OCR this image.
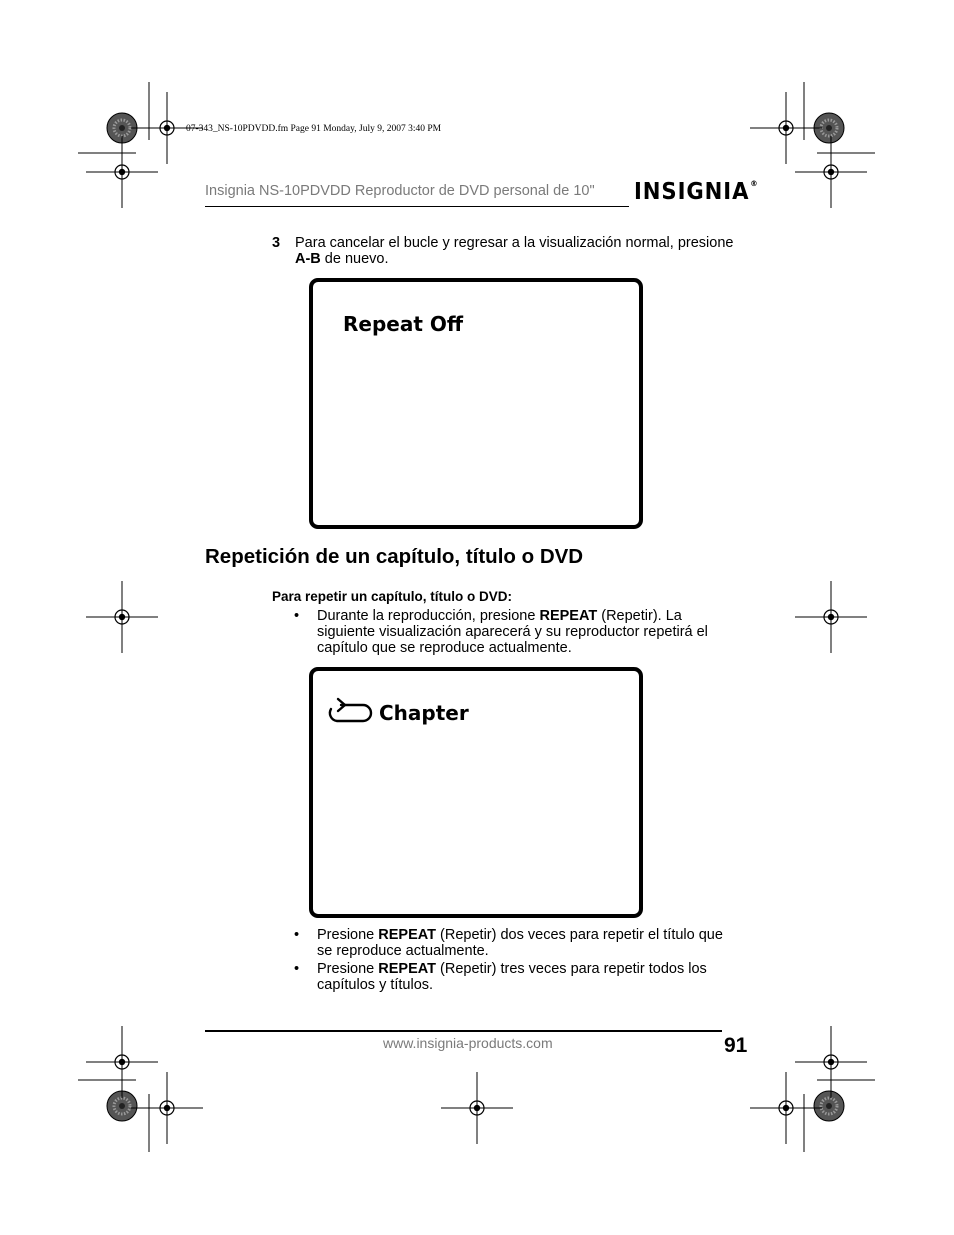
07-343_NS-10PDVDD.fm Page 91 Monday, July 9, 2007 3:40 PM
Insignia NS-10PDVDD Reproductor de DVD personal de 10" INSIGNIA®
3 Para cancelar el bucle y regresar a la visualización normal, presione A-B de nuevo.
Repeat Off
Repetición de un capítulo, título o DVD
Para repetir un capítulo, título o DVD:
• Durante la reproducción, presione REPEAT (Repetir). La siguiente visualización aparecerá y su reproductor repetirá el capítulo que se reproduce actualmente.
Chapter
• Presione REPEAT (Repetir) dos veces para repetir el título que se reproduce actualmente.
• Presione REPEAT (Repetir) tres veces para repetir todos los capítulos y títulos.
www.insignia-products.com	91
